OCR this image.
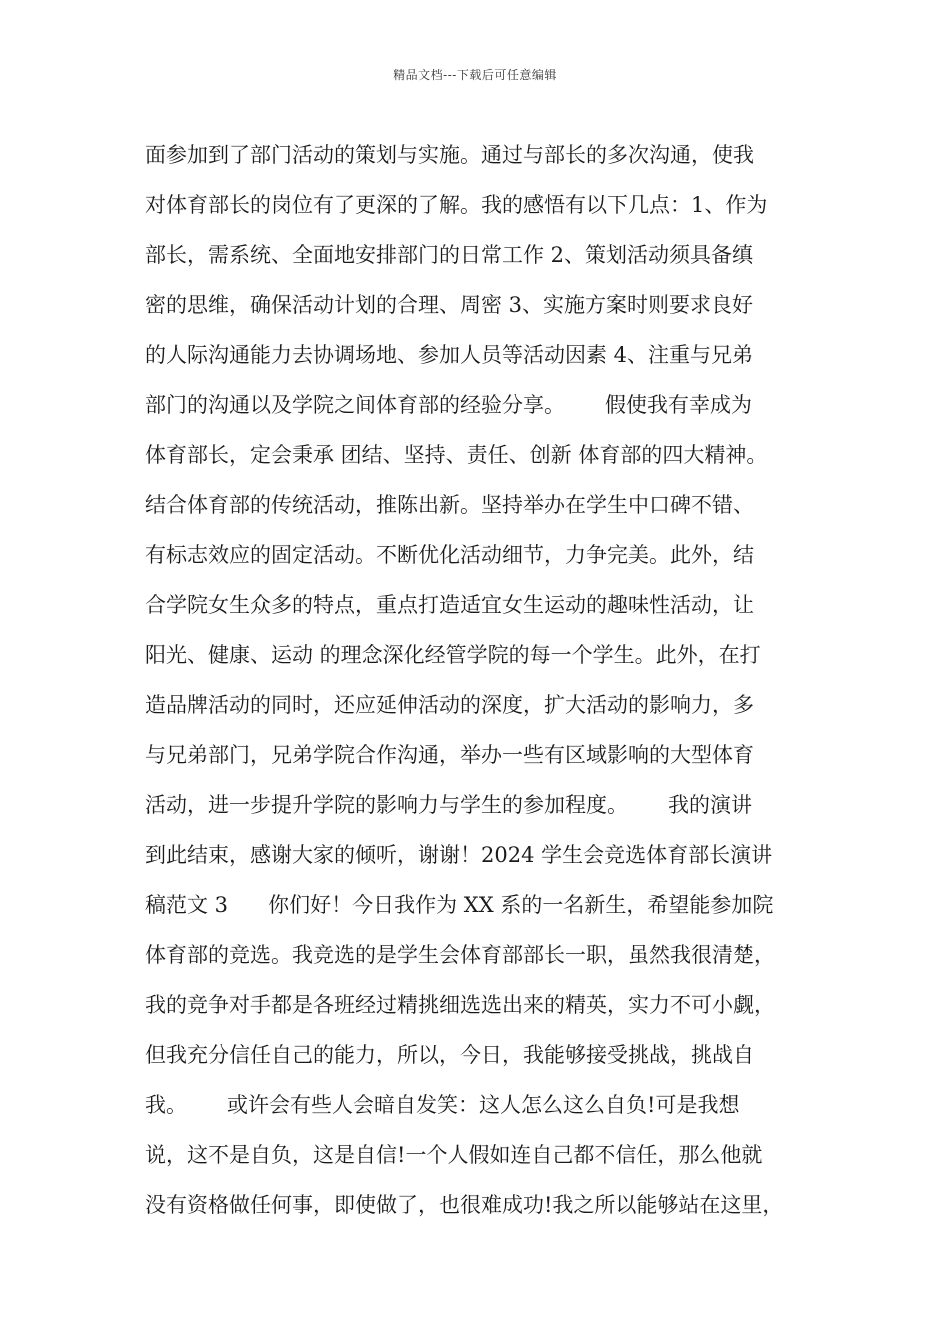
精品文档---下载后可任意编辑
面参加到了部门活动的策划与实施。通过与部长的多次沟通，使我
对体育部长的岗位有了更深的了解。我的感悟有以下几点：1、作为
部长，需系统、全面地安排部门的日常工作 2、策划活动须具备缜
密的思维，确保活动计划的合理、周密 3、实施方案时则要求良好
的人际沟通能力去协调场地、参加人员等活动因素 4、注重与兄弟
部门的沟通以及学院之间体育部的经验分享。      假使我有幸成为
体育部长，定会秉承 团结、坚持、责任、创新 体育部的四大精神。
结合体育部的传统活动，推陈出新。坚持举办在学生中口碑不错、
有标志效应的固定活动。不断优化活动细节，力争完美。此外，结
合学院女生众多的特点，重点打造适宜女生运动的趣味性活动，让
阳光、健康、运动 的理念深化经管学院的每一个学生。此外，在打
造品牌活动的同时，还应延伸活动的深度，扩大活动的影响力，多
与兄弟部门，兄弟学院合作沟通，举办一些有区域影响的大型体育
活动，进一步提升学院的影响力与学生的参加程度。      我的演讲
到此结束，感谢大家的倾听，谢谢！2024 学生会竞选体育部长演讲
稿范文 3      你们好！今日我作为 XX 系的一名新生，希望能参加院
体育部的竞选。我竞选的是学生会体育部部长一职，虽然我很清楚，
我的竞争对手都是各班经过精挑细选选出来的精英，实力不可小觑，
但我充分信任自己的能力，所以，今日，我能够接受挑战，挑战自
我。      或许会有些人会暗自发笑：这人怎么这么自负!可是我想
说，这不是自负，这是自信!一个人假如连自己都不信任，那么他就
没有资格做任何事，即使做了，也很难成功!我之所以能够站在这里，
